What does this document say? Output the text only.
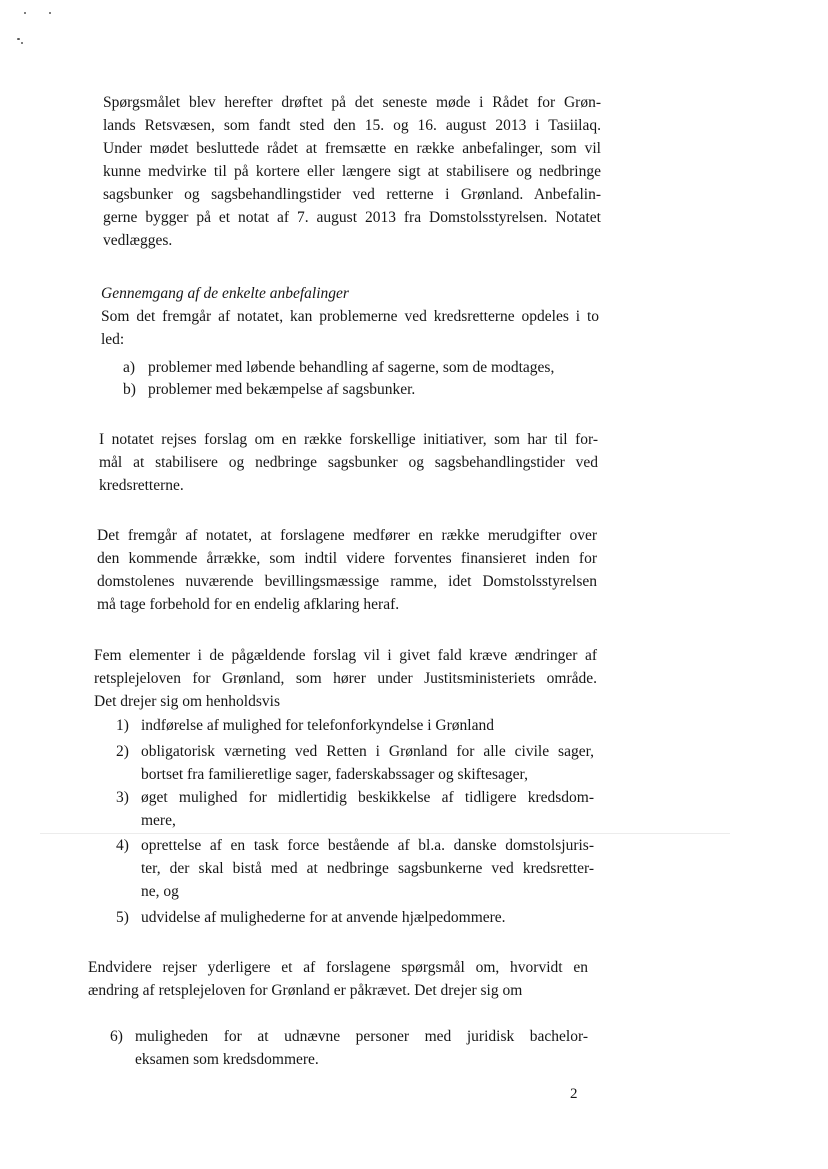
Spørgsmålet blev herefter drøftet på det seneste møde i Rådet for Grøn-
lands Retsvæsen, som fandt sted den 15. og 16. august 2013 i Tasiilaq.
Under mødet besluttede rådet at fremsætte en række anbefalinger, som vil
kunne medvirke til på kortere eller længere sigt at stabilisere og nedbringe
sagsbunker og sagsbehandlingstider ved retterne i Grønland. Anbefalin-
gerne bygger på et notat af 7. august 2013 fra Domstolsstyrelsen. Notatet
vedlægges.
Gennemgang af de enkelte anbefalinger
Som det fremgår af notatet, kan problemerne ved kredsretterne opdeles i to
led:
a) problemer med løbende behandling af sagerne, som de modtages,
b) problemer med bekæmpelse af sagsbunker.
I notatet rejses forslag om en række forskellige initiativer, som har til for-
mål at stabilisere og nedbringe sagsbunker og sagsbehandlingstider ved
kredsretterne.
Det fremgår af notatet, at forslagene medfører en række merudgifter over
den kommende årrække, som indtil videre forventes finansieret inden for
domstolenes nuværende bevillingsmæssige ramme, idet Domstolsstyrelsen
må tage forbehold for en endelig afklaring heraf.
Fem elementer i de pågældende forslag vil i givet fald kræve ændringer af
retsplejeloven for Grønland, som hører under Justitsministeriets område.
Det drejer sig om henholdsvis
1) indførelse af mulighed for telefonforkyndelse i Grønland
2) obligatorisk værneting ved Retten i Grønland for alle civile sager,
bortset fra familieretlige sager, faderskabssager og skiftesager,
3) øget mulighed for midlertidig beskikkelse af tidligere kredsdom-
mere,
4) oprettelse af en task force bestående af bl.a. danske domstolsjuris-
ter, der skal bistå med at nedbringe sagsbunkerne ved kredsretter-
ne, og
5) udvidelse af mulighederne for at anvende hjælpedommere.
Endvidere rejser yderligere et af forslagene spørgsmål om, hvorvidt en
ændring af retsplejeloven for Grønland er påkrævet. Det drejer sig om
6) muligheden for at udnævne personer med juridisk bachelor-
eksamen som kredsdommere.
2
